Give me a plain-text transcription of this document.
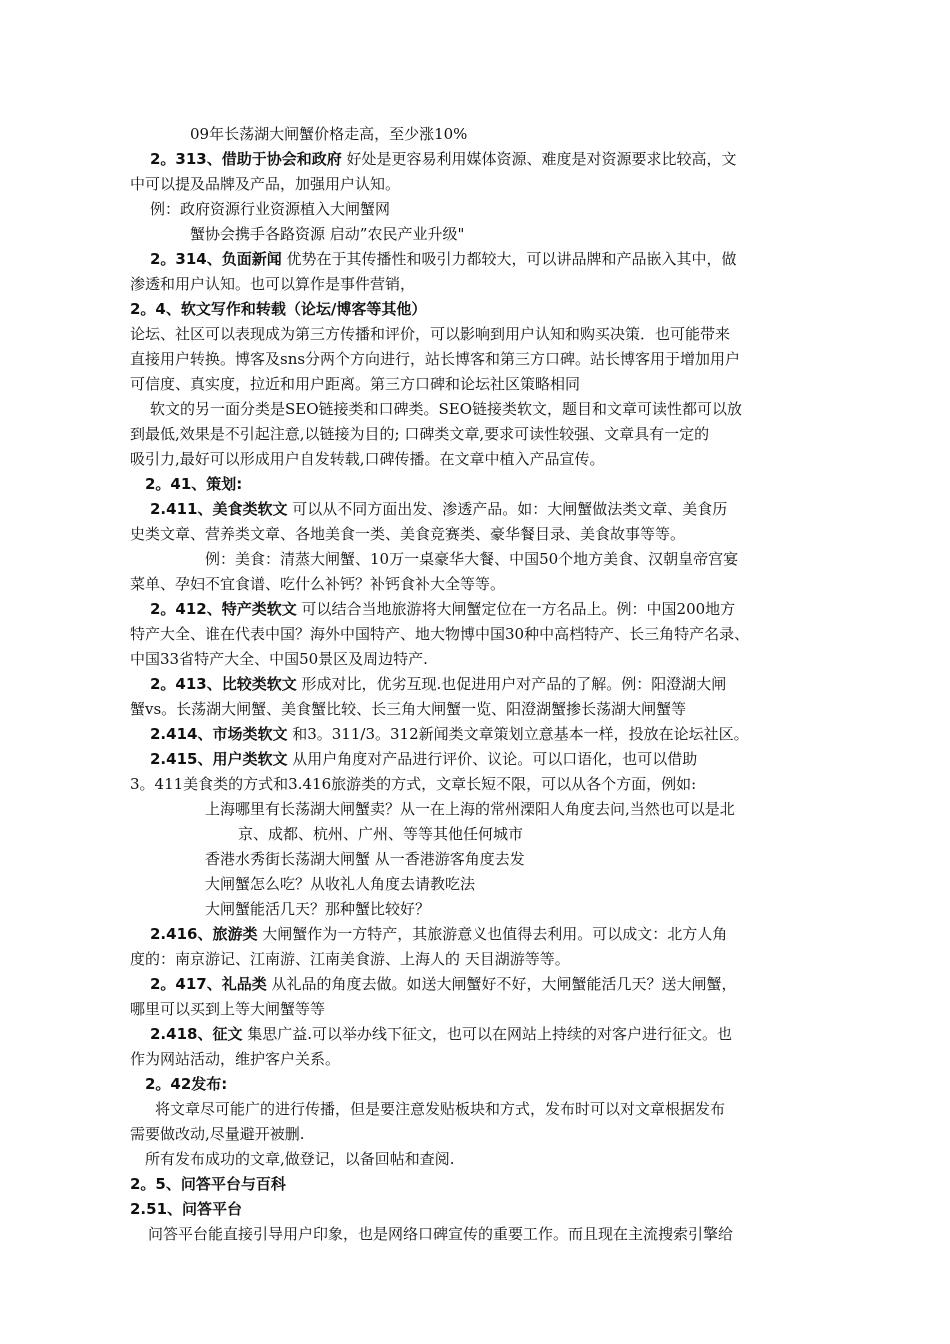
09年长荡湖大闸蟹价格走高，至少涨10%
2。313、借助于协会和政府 好处是更容易利用媒体资源、难度是对资源要求比较高，文
中可以提及品牌及产品，加强用户认知。
例：政府资源行业资源植入大闸蟹网
蟹协会携手各路资源 启动”农民产业升级"
2。314、负面新闻 优势在于其传播性和吸引力都较大，可以讲品牌和产品嵌入其中，做
渗透和用户认知。也可以算作是事件营销，
2。4、软文写作和转载（论坛/博客等其他）
论坛、社区可以表现成为第三方传播和评价，可以影响到用户认知和购买决策．也可能带来
直接用户转换。博客及sns分两个方向进行，站长博客和第三方口碑。站长博客用于增加用户
可信度、真实度，拉近和用户距离。第三方口碑和论坛社区策略相同
软文的另一面分类是SEO链接类和口碑类。SEO链接类软文，题目和文章可读性都可以放
到最低,效果是不引起注意,以链接为目的; 口碑类文章,要求可读性较强、文章具有一定的
吸引力,最好可以形成用户自发转载,口碑传播。在文章中植入产品宣传。
2。41、策划:
2.411、美食类软文 可以从不同方面出发、渗透产品。如：大闸蟹做法类文章、美食历
史类文章、营养类文章、各地美食一类、美食竞赛类、豪华餐目录、美食故事等等。
例：美食：清蒸大闸蟹、10万一桌豪华大餐、中国50个地方美食、汉朝皇帝宫宴
菜单、孕妇不宜食谱、吃什么补钙？补钙食补大全等等。
2。412、特产类软文 可以结合当地旅游将大闸蟹定位在一方名品上。例：中国200地方
特产大全、谁在代表中国？海外中国特产、地大物博中国30种中高档特产、长三角特产名录、
中国33省特产大全、中国50景区及周边特产.
2。413、比较类软文 形成对比，优劣互现.也促进用户对产品的了解。例：阳澄湖大闸
蟹vs。长荡湖大闸蟹、美食蟹比较、长三角大闸蟹一览、阳澄湖蟹掺长荡湖大闸蟹等
2.414、市场类软文 和3。311/3。312新闻类文章策划立意基本一样，投放在论坛社区。
2.415、用户类软文 从用户角度对产品进行评价、议论。可以口语化，也可以借助
3。411美食类的方式和3.416旅游类的方式，文章长短不限，可以从各个方面，例如:
上海哪里有长荡湖大闸蟹卖？从一在上海的常州溧阳人角度去问,当然也可以是北
京、成都、杭州、广州、等等其他任何城市
香港水秀街长荡湖大闸蟹 从一香港游客角度去发
大闸蟹怎么吃？从收礼人角度去请教吃法
大闸蟹能活几天？那种蟹比较好？
2.416、旅游类 大闸蟹作为一方特产，其旅游意义也值得去利用。可以成文：北方人角
度的：南京游记、江南游、江南美食游、上海人的 天目湖游等等。
2。417、礼品类 从礼品的角度去做。如送大闸蟹好不好，大闸蟹能活几天？送大闸蟹，
哪里可以买到上等大闸蟹等等
2.418、征文 集思广益.可以举办线下征文，也可以在网站上持续的对客户进行征文。也
作为网站活动，维护客户关系。
2。42发布:
将文章尽可能广的进行传播，但是要注意发贴板块和方式，发布时可以对文章根据发布
需要做改动,尽量避开被删.
所有发布成功的文章,做登记，以备回帖和查阅.
2。5、问答平台与百科
2.51、问答平台
问答平台能直接引导用户印象，也是网络口碑宣传的重要工作。而且现在主流搜索引擎给
